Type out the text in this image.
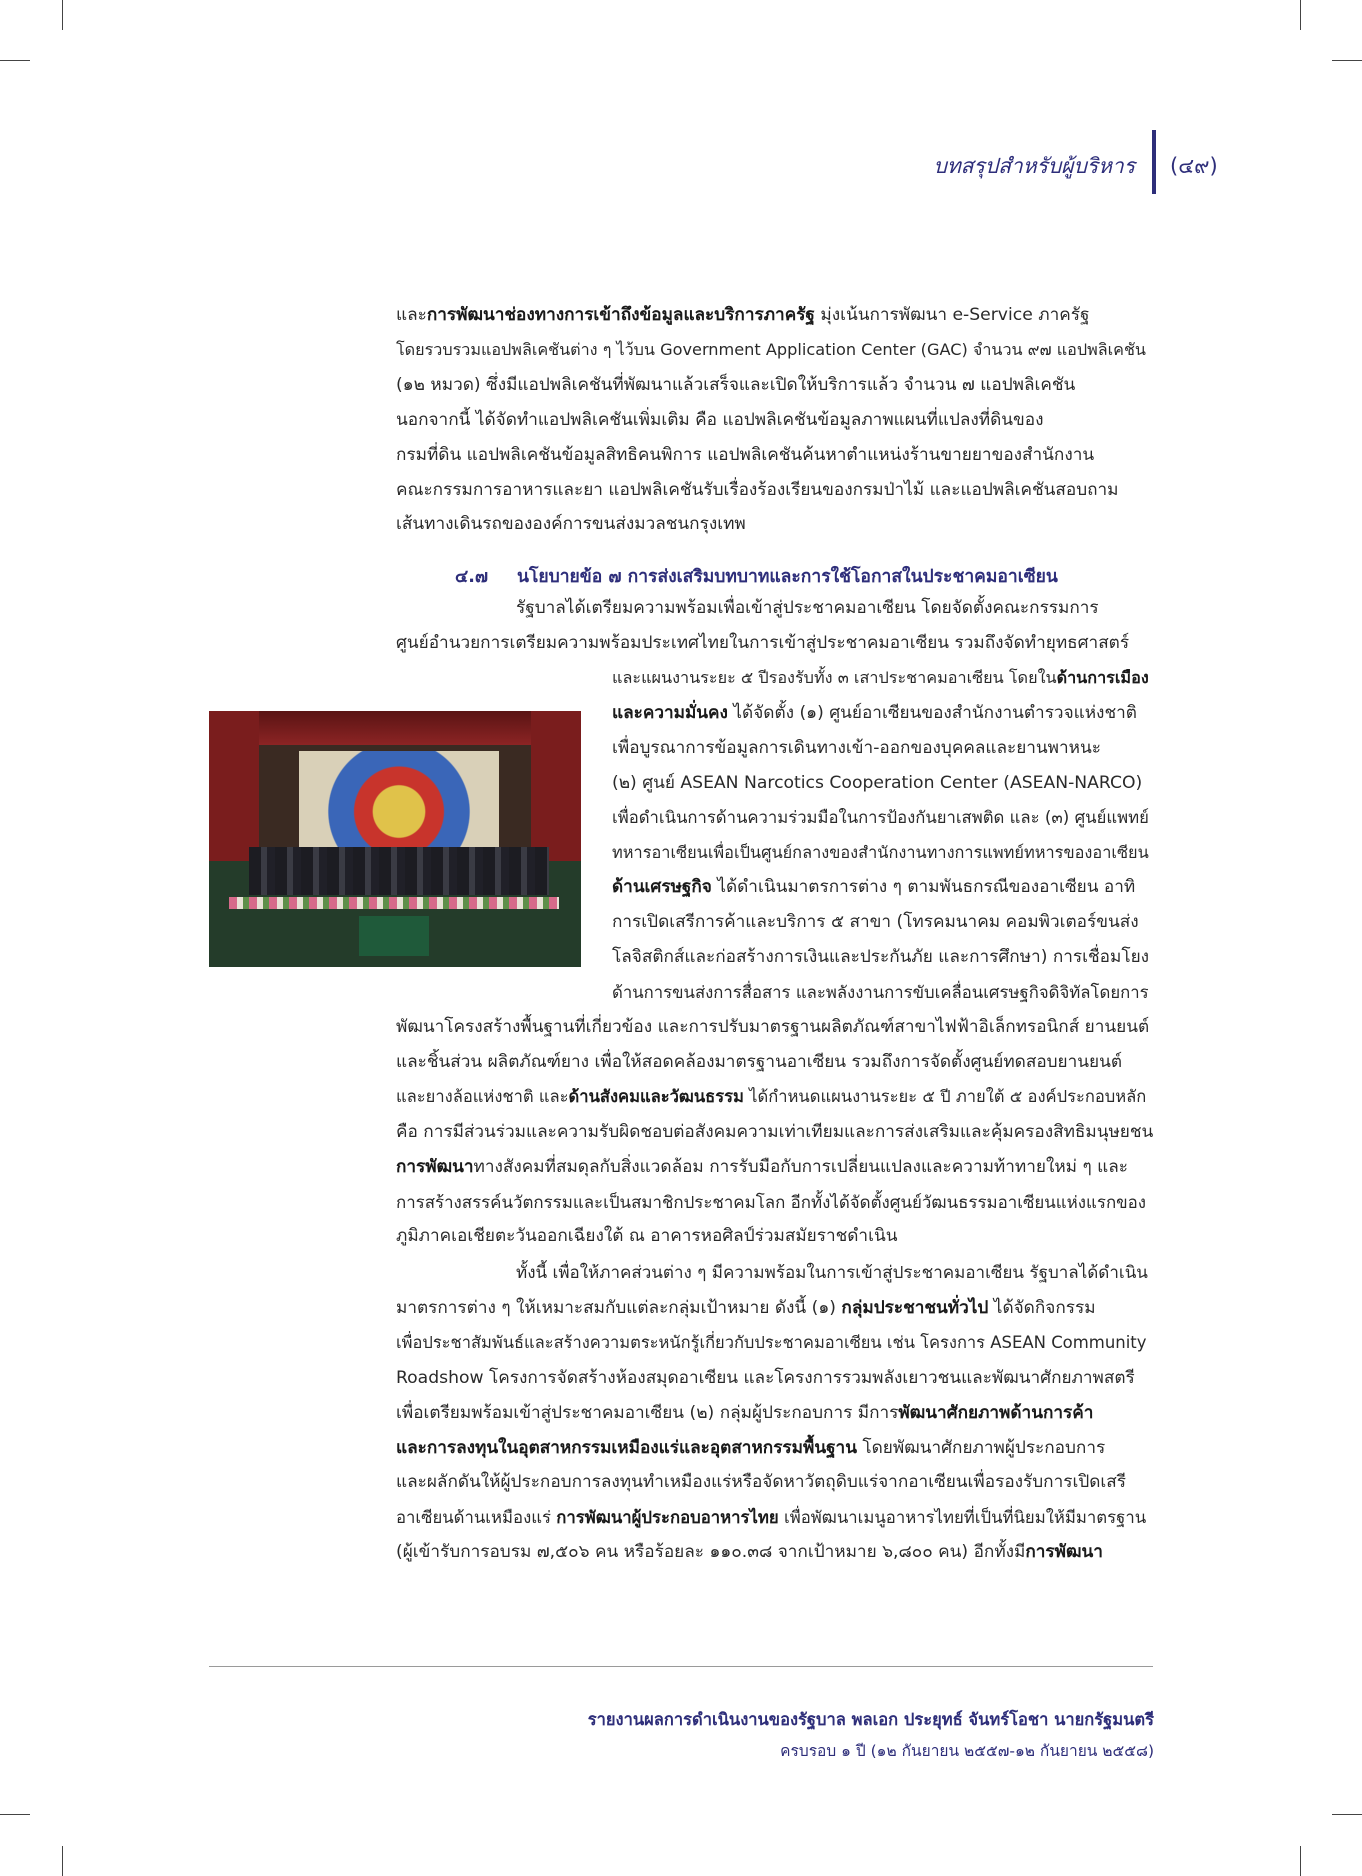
บทสรุปสำหรับผู้บริหาร (๔๙)

และการพัฒนาช่องทางการเข้าถึงข้อมูลและบริการภาครัฐ มุ่งเน้นการพัฒนา e-Service ภาครัฐ
โดยรวบรวมแอปพลิเคชันต่าง ๆ ไว้บน Government Application Center (GAC) จำนวน ๙๗ แอปพลิเคชัน
(๑๒ หมวด) ซึ่งมีแอปพลิเคชันที่พัฒนาแล้วเสร็จและเปิดให้บริการแล้ว จำนวน ๗ แอปพลิเคชัน
นอกจากนี้ ได้จัดทำแอปพลิเคชันเพิ่มเติม คือ แอปพลิเคชันข้อมูลภาพแผนที่แปลงที่ดินของ
กรมที่ดิน แอปพลิเคชันข้อมูลสิทธิคนพิการ แอปพลิเคชันค้นหาตำแหน่งร้านขายยาของสำนักงาน
คณะกรรมการอาหารและยา แอปพลิเคชันรับเรื่องร้องเรียนของกรมป่าไม้ และแอปพลิเคชันสอบถาม
เส้นทางเดินรถขององค์การขนส่งมวลชนกรุงเทพ

๔.๗ นโยบายข้อ ๗ การส่งเสริมบทบาทและการใช้โอกาสในประชาคมอาเซียน

รัฐบาลได้เตรียมความพร้อมเพื่อเข้าสู่ประชาคมอาเซียน โดยจัดตั้งคณะกรรมการ
ศูนย์อำนวยการเตรียมความพร้อมประเทศไทยในการเข้าสู่ประชาคมอาเซียน รวมถึงจัดทำยุทธศาสตร์

และแผนงานระยะ ๕ ปีรองรับทั้ง ๓ เสาประชาคมอาเซียน โดยในด้านการเมือง
และความมั่นคง ได้จัดตั้ง (๑) ศูนย์อาเซียนของสำนักงานตำรวจแห่งชาติ
เพื่อบูรณาการข้อมูลการเดินทางเข้า-ออกของบุคคลและยานพาหนะ
(๒) ศูนย์ ASEAN Narcotics Cooperation Center (ASEAN-NARCO)
เพื่อดำเนินการด้านความร่วมมือในการป้องกันยาเสพติด และ (๓) ศูนย์แพทย์
ทหารอาเซียนเพื่อเป็นศูนย์กลางของสำนักงานทางการแพทย์ทหารของอาเซียน
ด้านเศรษฐกิจ ได้ดำเนินมาตรการต่าง ๆ ตามพันธกรณีของอาเซียน อาทิ
การเปิดเสรีการค้าและบริการ ๕ สาขา (โทรคมนาคม คอมพิวเตอร์ขนส่ง
โลจิสติกส์และก่อสร้างการเงินและประกันภัย และการศึกษา) การเชื่อมโยง
ด้านการขนส่งการสื่อสาร และพลังงานการขับเคลื่อนเศรษฐกิจดิจิทัลโดยการ

พัฒนาโครงสร้างพื้นฐานที่เกี่ยวข้อง และการปรับมาตรฐานผลิตภัณฑ์สาขาไฟฟ้าอิเล็กทรอนิกส์ ยานยนต์
และชิ้นส่วน ผลิตภัณฑ์ยาง เพื่อให้สอดคล้องมาตรฐานอาเซียน รวมถึงการจัดตั้งศูนย์ทดสอบยานยนต์
และยางล้อแห่งชาติ และด้านสังคมและวัฒนธรรม ได้กำหนดแผนงานระยะ ๕ ปี ภายใต้ ๕ องค์ประกอบหลัก
คือ การมีส่วนร่วมและความรับผิดชอบต่อสังคมความเท่าเทียมและการส่งเสริมและคุ้มครองสิทธิมนุษยชน
การพัฒนาทางสังคมที่สมดุลกับสิ่งแวดล้อม การรับมือกับการเปลี่ยนแปลงและความท้าทายใหม่ ๆ และ
การสร้างสรรค์นวัตกรรมและเป็นสมาชิกประชาคมโลก อีกทั้งได้จัดตั้งศูนย์วัฒนธรรมอาเซียนแห่งแรกของ
ภูมิภาคเอเชียตะวันออกเฉียงใต้ ณ อาคารหอศิลป์ร่วมสมัยราชดำเนิน

ทั้งนี้ เพื่อให้ภาคส่วนต่าง ๆ มีความพร้อมในการเข้าสู่ประชาคมอาเซียน รัฐบาลได้ดำเนิน
มาตรการต่าง ๆ ให้เหมาะสมกับแต่ละกลุ่มเป้าหมาย ดังนี้ (๑) กลุ่มประชาชนทั่วไป ได้จัดกิจกรรม
เพื่อประชาสัมพันธ์และสร้างความตระหนักรู้เกี่ยวกับประชาคมอาเซียน เช่น โครงการ ASEAN Community
Roadshow โครงการจัดสร้างห้องสมุดอาเซียน และโครงการรวมพลังเยาวชนและพัฒนาศักยภาพสตรี
เพื่อเตรียมพร้อมเข้าสู่ประชาคมอาเซียน (๒) กลุ่มผู้ประกอบการ มีการพัฒนาศักยภาพด้านการค้า
และการลงทุนในอุตสาหกรรมเหมืองแร่และอุตสาหกรรมพื้นฐาน โดยพัฒนาศักยภาพผู้ประกอบการ
และผลักดันให้ผู้ประกอบการลงทุนทำเหมืองแร่หรือจัดหาวัตถุดิบแร่จากอาเซียนเพื่อรองรับการเปิดเสรี
อาเซียนด้านเหมืองแร่ การพัฒนาผู้ประกอบอาหารไทย เพื่อพัฒนาเมนูอาหารไทยที่เป็นที่นิยมให้มีมาตรฐาน
(ผู้เข้ารับการอบรม ๗,๕๐๖ คน หรือร้อยละ ๑๑๐.๓๘ จากเป้าหมาย ๖,๘๐๐ คน) อีกทั้งมีการพัฒนา

รายงานผลการดำเนินงานของรัฐบาล พลเอก ประยุทธ์ จันทร์โอชา นายกรัฐมนตรี
ครบรอบ ๑ ปี (๑๒ กันยายน ๒๕๕๗-๑๒ กันยายน ๒๕๕๘)
